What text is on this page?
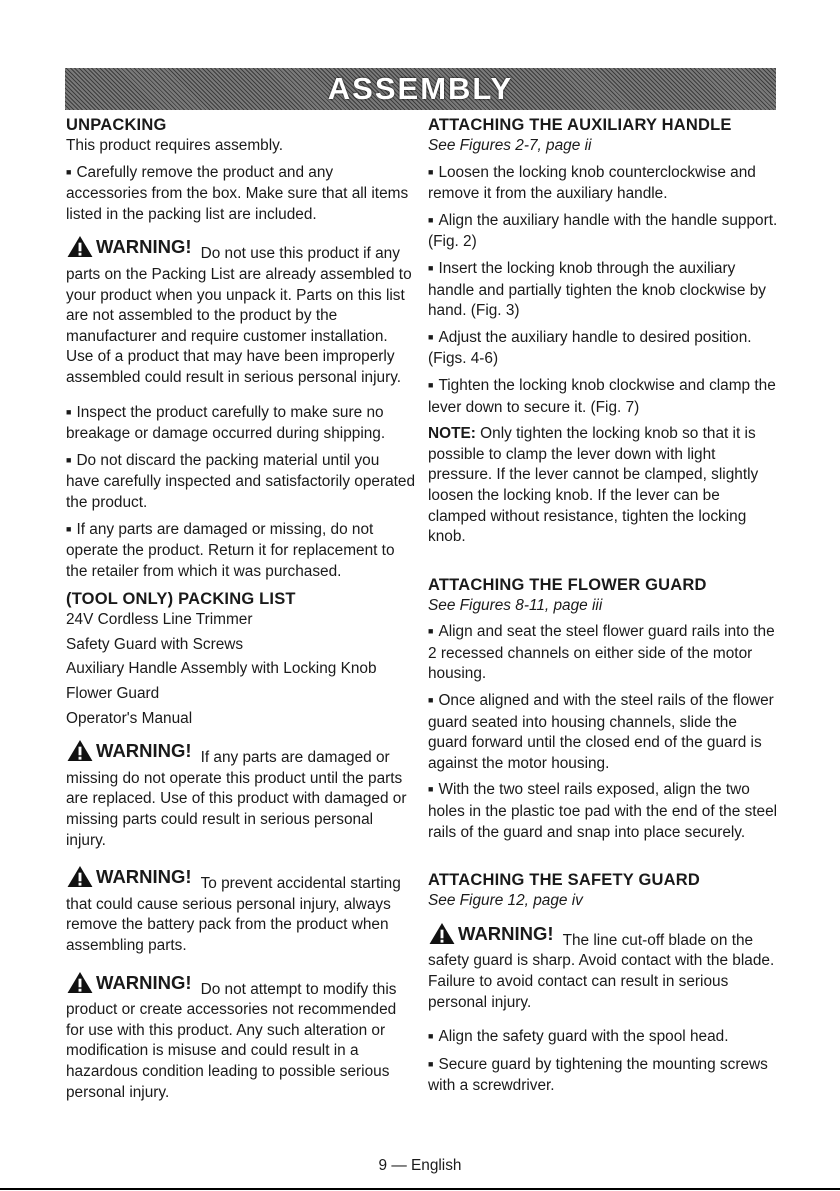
ASSEMBLY
UNPACKING

This product requires assembly.

■ Carefully remove the product and any accessories from the box. Make sure that all items listed in the packing list are included.

WARNING! Do not use this product if any parts on the Packing List are already assembled to your product when you unpack it. Parts on this list are not assembled to the product by the manufacturer and require customer installation. Use of a product that may have been improperly assembled could result in serious personal injury.

■ Inspect the product carefully to make sure no breakage or damage occurred during shipping.

■ Do not discard the packing material until you have carefully inspected and satisfactorily operated the product.

■ If any parts are damaged or missing, do not operate the product. Return it for replacement to the retailer from which it was purchased.

(TOOL ONLY) PACKING LIST

24V Cordless Line Trimmer

Safety Guard with Screws

Auxiliary Handle Assembly with Locking Knob

Flower Guard

Operator's Manual

WARNING! If any parts are damaged or missing do not operate this product until the parts are replaced. Use of this product with damaged or missing parts could result in serious personal injury.
WARNING! To prevent accidental starting that could cause serious personal injury, always remove the battery pack from the product when assembling parts.
WARNING! Do not attempt to modify this product or create accessories not recommended for use with this product. Any such alteration or modification is misuse and could result in a hazardous condition leading to possible serious personal injury.
ATTACHING THE AUXILIARY HANDLE

See Figures 2-7, page ii

■ Loosen the locking knob counterclockwise and remove it from the auxiliary handle.

■ Align the auxiliary handle with the handle support. (Fig. 2)

■ Insert the locking knob through the auxiliary handle and partially tighten the knob clockwise by hand. (Fig. 3)

■ Adjust the auxiliary handle to desired position. (Figs. 4-6)

■ Tighten the locking knob clockwise and clamp the lever down to secure it. (Fig. 7)

NOTE: Only tighten the locking knob so that it is possible to clamp the lever down with light pressure. If the lever cannot be clamped, slightly loosen the locking knob. If the lever can be clamped without resistance, tighten the locking knob.

ATTACHING THE FLOWER GUARD

See Figures 8-11, page iii

■ Align and seat the steel flower guard rails into the 2 recessed channels on either side of the motor housing.

■ Once aligned and with the steel rails of the flower guard seated into housing channels, slide the guard forward until the closed end of the guard is against the motor housing.

■ With the two steel rails exposed, align the two holes in the plastic toe pad with the end of the steel rails of the guard and snap into place securely.

ATTACHING THE SAFETY GUARD

See Figure 12, page iv

WARNING! The line cut-off blade on the safety guard is sharp. Avoid contact with the blade. Failure to avoid contact can result in serious personal injury.

■ Align the safety guard with the spool head.

■ Secure guard by tightening the mounting screws with a screwdriver.

9 — English
